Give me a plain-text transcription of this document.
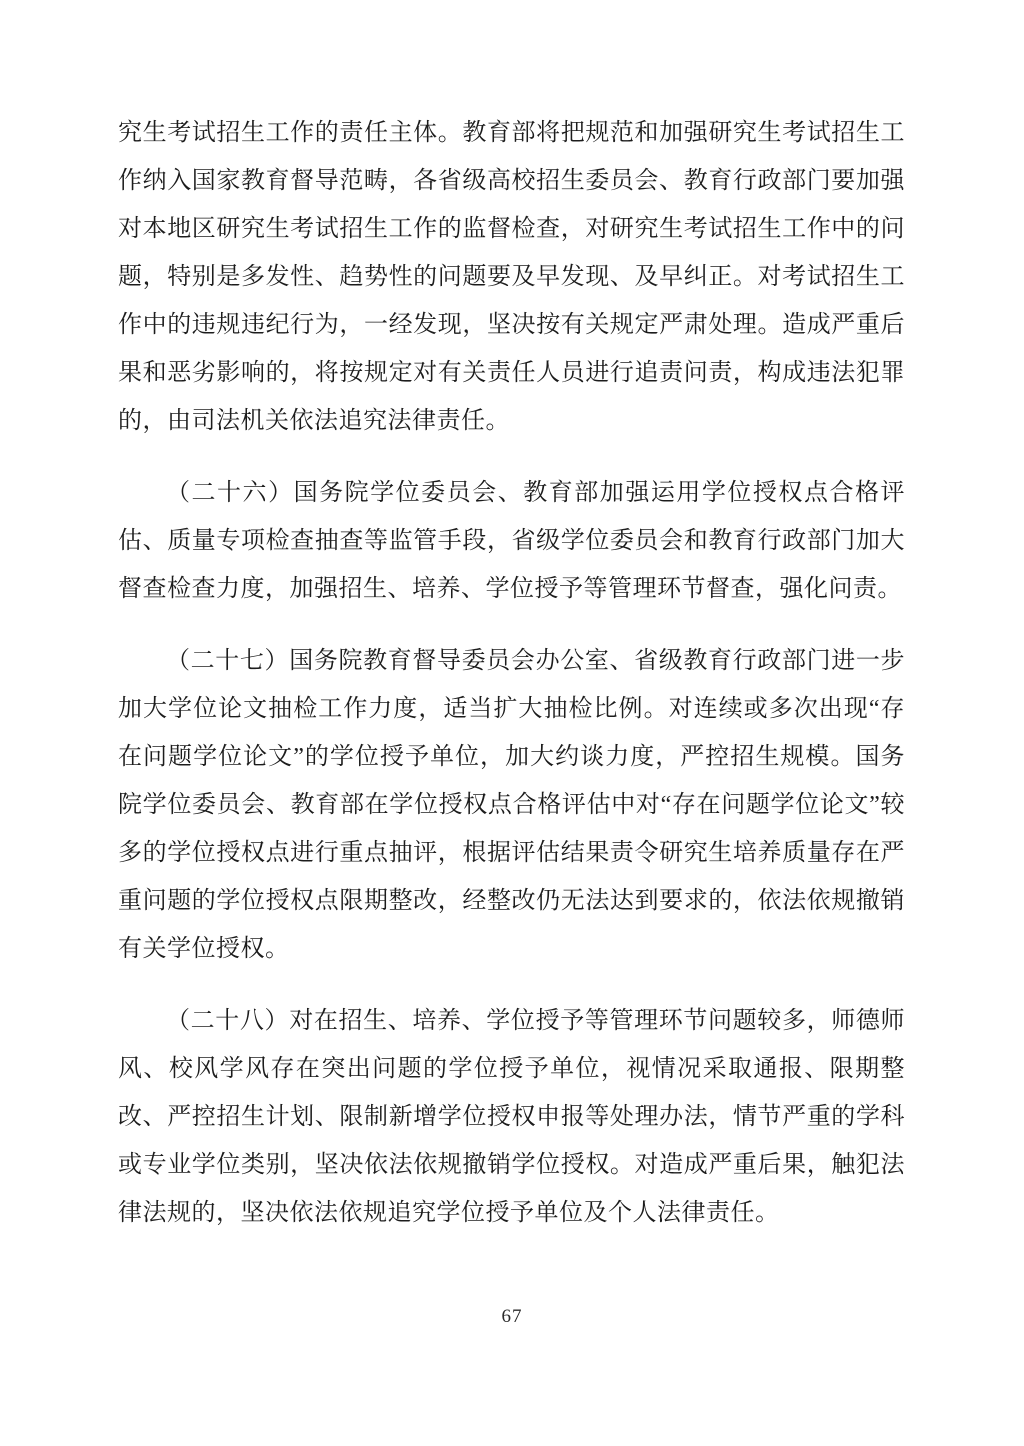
究生考试招生工作的责任主体。教育部将把规范和加强研究生考试招生工作纳入国家教育督导范畴，各省级高校招生委员会、教育行政部门要加强对本地区研究生考试招生工作的监督检查，对研究生考试招生工作中的问题，特别是多发性、趋势性的问题要及早发现、及早纠正。对考试招生工作中的违规违纪行为，一经发现，坚决按有关规定严肃处理。造成严重后果和恶劣影响的，将按规定对有关责任人员进行追责问责，构成违法犯罪的，由司法机关依法追究法律责任。

（二十六）国务院学位委员会、教育部加强运用学位授权点合格评估、质量专项检查抽查等监管手段，省级学位委员会和教育行政部门加大督查检查力度，加强招生、培养、学位授予等管理环节督查，强化问责。

（二十七）国务院教育督导委员会办公室、省级教育行政部门进一步加大学位论文抽检工作力度，适当扩大抽检比例。对连续或多次出现“存在问题学位论文”的学位授予单位，加大约谈力度，严控招生规模。国务院学位委员会、教育部在学位授权点合格评估中对“存在问题学位论文”较多的学位授权点进行重点抽评，根据评估结果责令研究生培养质量存在严重问题的学位授权点限期整改，经整改仍无法达到要求的，依法依规撤销有关学位授权。

（二十八）对在招生、培养、学位授予等管理环节问题较多，师德师风、校风学风存在突出问题的学位授予单位，视情况采取通报、限期整改、严控招生计划、限制新增学位授权申报等处理办法，情节严重的学科或专业学位类别，坚决依法依规撤销学位授权。对造成严重后果，触犯法律法规的，坚决依法依规追究学位授予单位及个人法律责任。

67
